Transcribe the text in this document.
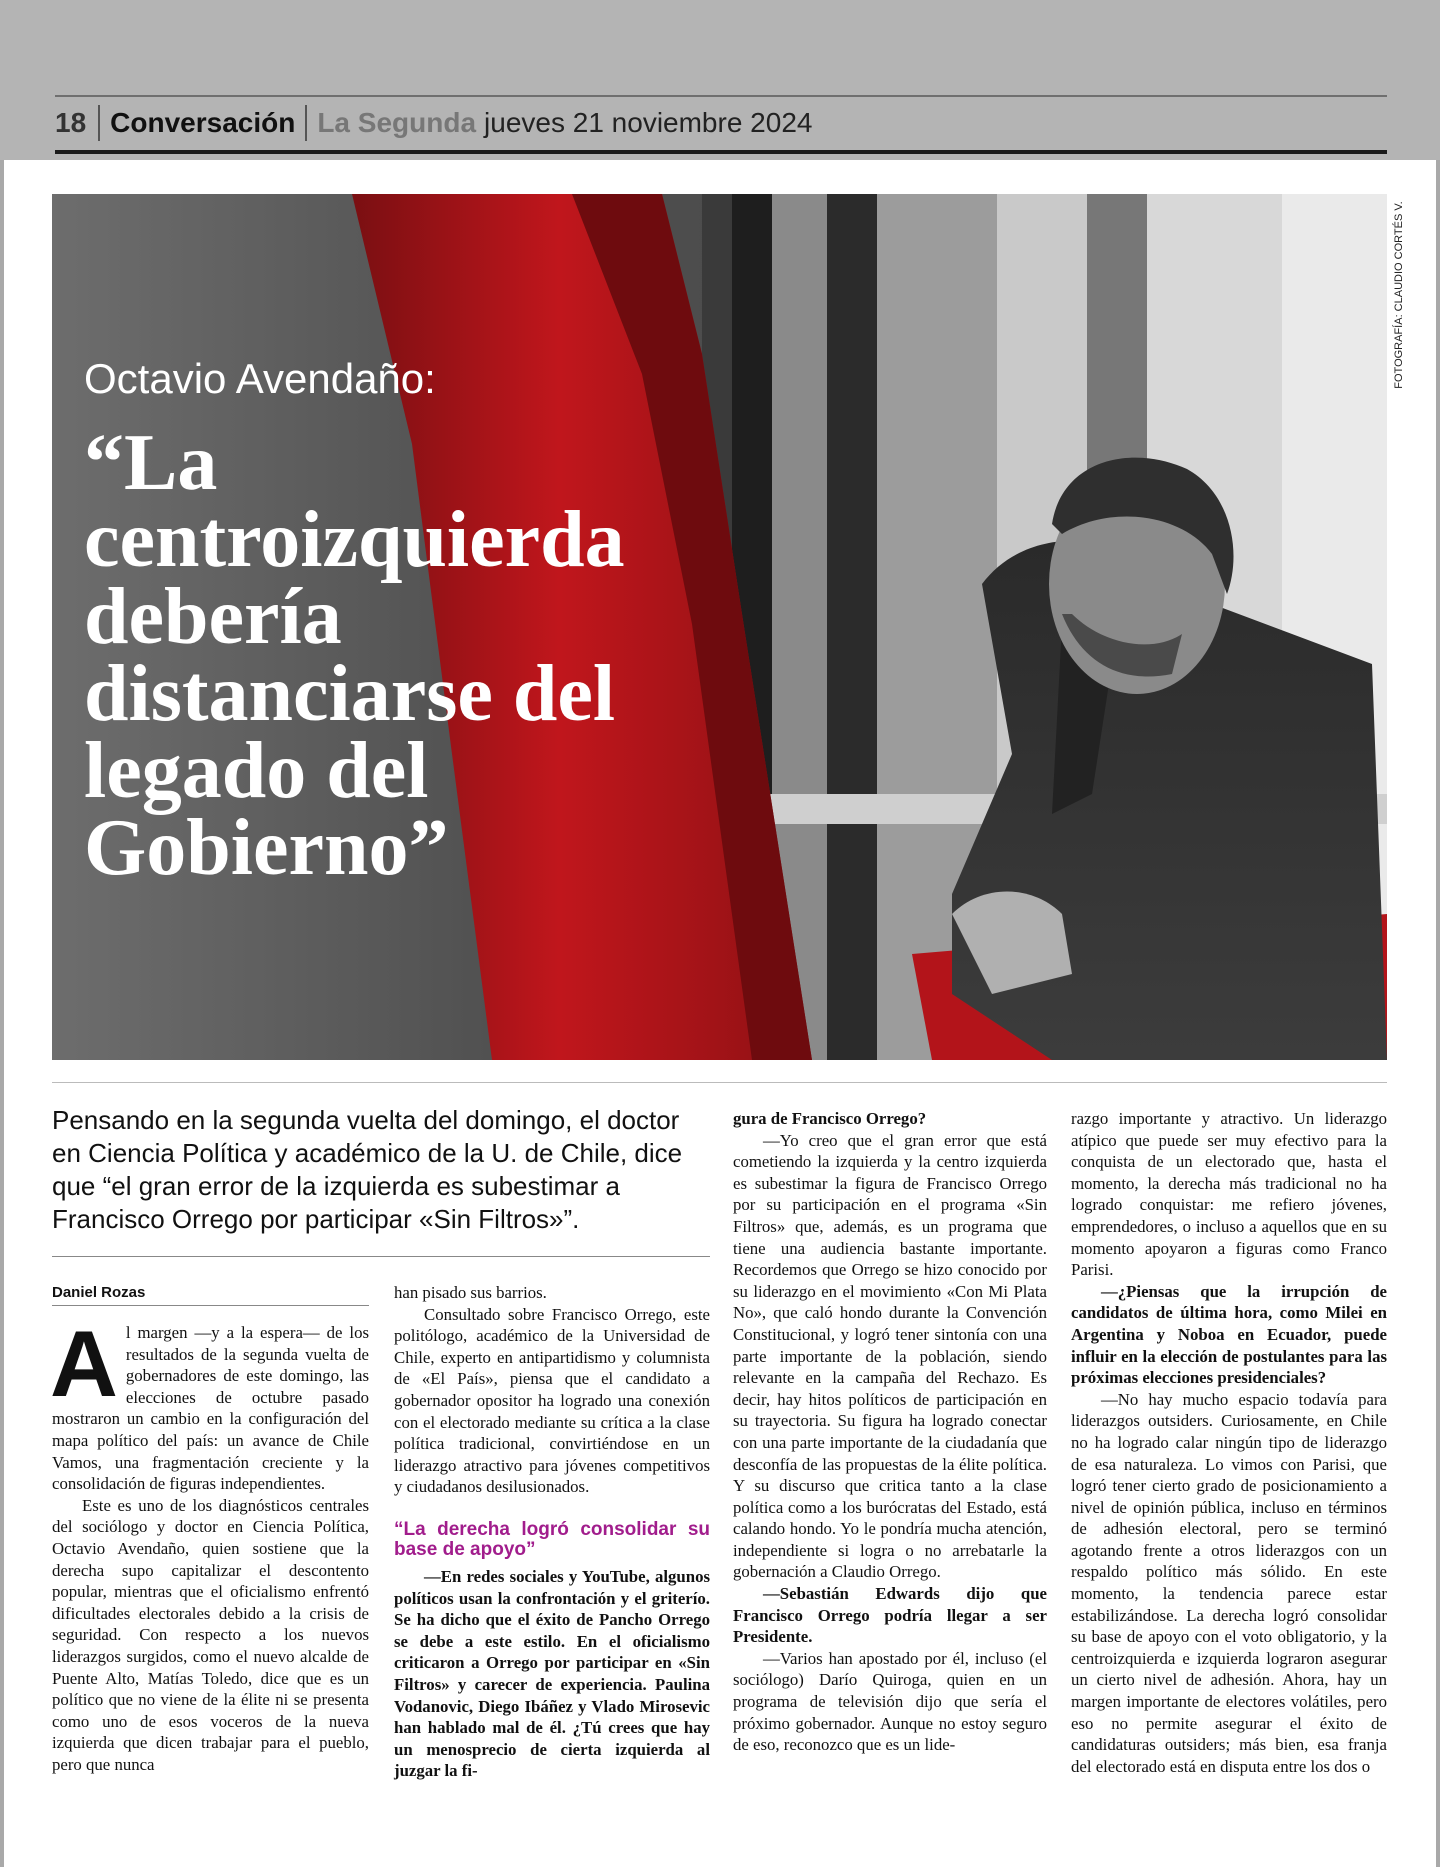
18 Conversación La Segunda jueves 21 noviembre 2024
FOTOGRAFÍA: CLAUDIO CORTÉS V.
Octavio Avendaño:
“La centroizquierda debería distanciarse del legado del Gobierno”

Pensando en la segunda vuelta del domingo, el doctor en Ciencia Política y académico de la U. de Chile, dice que “el gran error de la izquierda es subestimar a Francisco Orrego por participar «Sin Filtros»”.

Daniel Rozas

Al margen —y a la espera— de los resultados de la segunda vuelta de gobernadores de este domingo, las elecciones de octubre pasado mostraron un cambio en la configuración del mapa político del país: un avance de Chile Vamos, una fragmentación creciente y la consolidación de figuras independientes.

Este es uno de los diagnósticos centrales del sociólogo y doctor en Ciencia Política, Octavio Avendaño, quien sostiene que la derecha supo capitalizar el descontento popular, mientras que el oficialismo enfrentó dificultades electorales debido a la crisis de seguridad. Con respecto a los nuevos liderazgos surgidos, como el nuevo alcalde de Puente Alto, Matías Toledo, dice que es un político que no viene de la élite ni se presenta como uno de esos voceros de la nueva izquierda que dicen trabajar para el pueblo, pero que nunca

han pisado sus barrios.

Consultado sobre Francisco Orrego, este politólogo, académico de la Universidad de Chile, experto en antipartidismo y columnista de «El País», piensa que el candidato a gobernador opositor ha logrado una conexión con el electorado mediante su crítica a la clase política tradicional, convirtiéndose en un liderazgo atractivo para jóvenes competitivos y ciudadanos desilusionados.

“La derecha logró consolidar su base de apoyo”

—En redes sociales y YouTube, algunos políticos usan la confrontación y el griterío. Se ha dicho que el éxito de Pancho Orrego se debe a este estilo. En el oficialismo criticaron a Orrego por participar en «Sin Filtros» y carecer de experiencia. Paulina Vodanovic, Diego Ibáñez y Vlado Mirosevic han hablado mal de él. ¿Tú crees que hay un menosprecio de cierta izquierda al juzgar la fi-

gura de Francisco Orrego?

—Yo creo que el gran error que está cometiendo la izquierda y la centro izquierda es subestimar la figura de Francisco Orrego por su participación en el programa «Sin Filtros» que, además, es un programa que tiene una audiencia bastante importante. Recordemos que Orrego se hizo conocido por su liderazgo en el movimiento «Con Mi Plata No», que caló hondo durante la Convención Constitucional, y logró tener sintonía con una parte importante de la población, siendo relevante en la campaña del Rechazo. Es decir, hay hitos políticos de participación en su trayectoria. Su figura ha logrado conectar con una parte importante de la ciudadanía que desconfía de las propuestas de la élite política. Y su discurso que critica tanto a la clase política como a los burócratas del Estado, está calando hondo. Yo le pondría mucha atención, independiente si logra o no arrebatarle la gobernación a Claudio Orrego.

—Sebastián Edwards dijo que Francisco Orrego podría llegar a ser Presidente.

—Varios han apostado por él, incluso (el sociólogo) Darío Quiroga, quien en un programa de televisión dijo que sería el próximo gobernador. Aunque no estoy seguro de eso, reconozco que es un lide-

razgo importante y atractivo. Un liderazgo atípico que puede ser muy efectivo para la conquista de un electorado que, hasta el momento, la derecha más tradicional no ha logrado conquistar: me refiero jóvenes, emprendedores, o incluso a aquellos que en su momento apoyaron a figuras como Franco Parisi.

—¿Piensas que la irrupción de candidatos de última hora, como Milei en Argentina y Noboa en Ecuador, puede influir en la elección de postulantes para las próximas elecciones presidenciales?

—No hay mucho espacio todavía para liderazgos outsiders. Curiosamente, en Chile no ha logrado calar ningún tipo de liderazgo de esa naturaleza. Lo vimos con Parisi, que logró tener cierto grado de posicionamiento a nivel de opinión pública, incluso en términos de adhesión electoral, pero se terminó agotando frente a otros liderazgos con un respaldo político más sólido. En este momento, la tendencia parece estar estabilizándose. La derecha logró consolidar su base de apoyo con el voto obligatorio, y la centroizquierda e izquierda lograron asegurar un cierto nivel de adhesión. Ahora, hay un margen importante de electores volátiles, pero eso no permite asegurar el éxito de candidaturas outsiders; más bien, esa franja del electorado está en disputa entre los dos o
